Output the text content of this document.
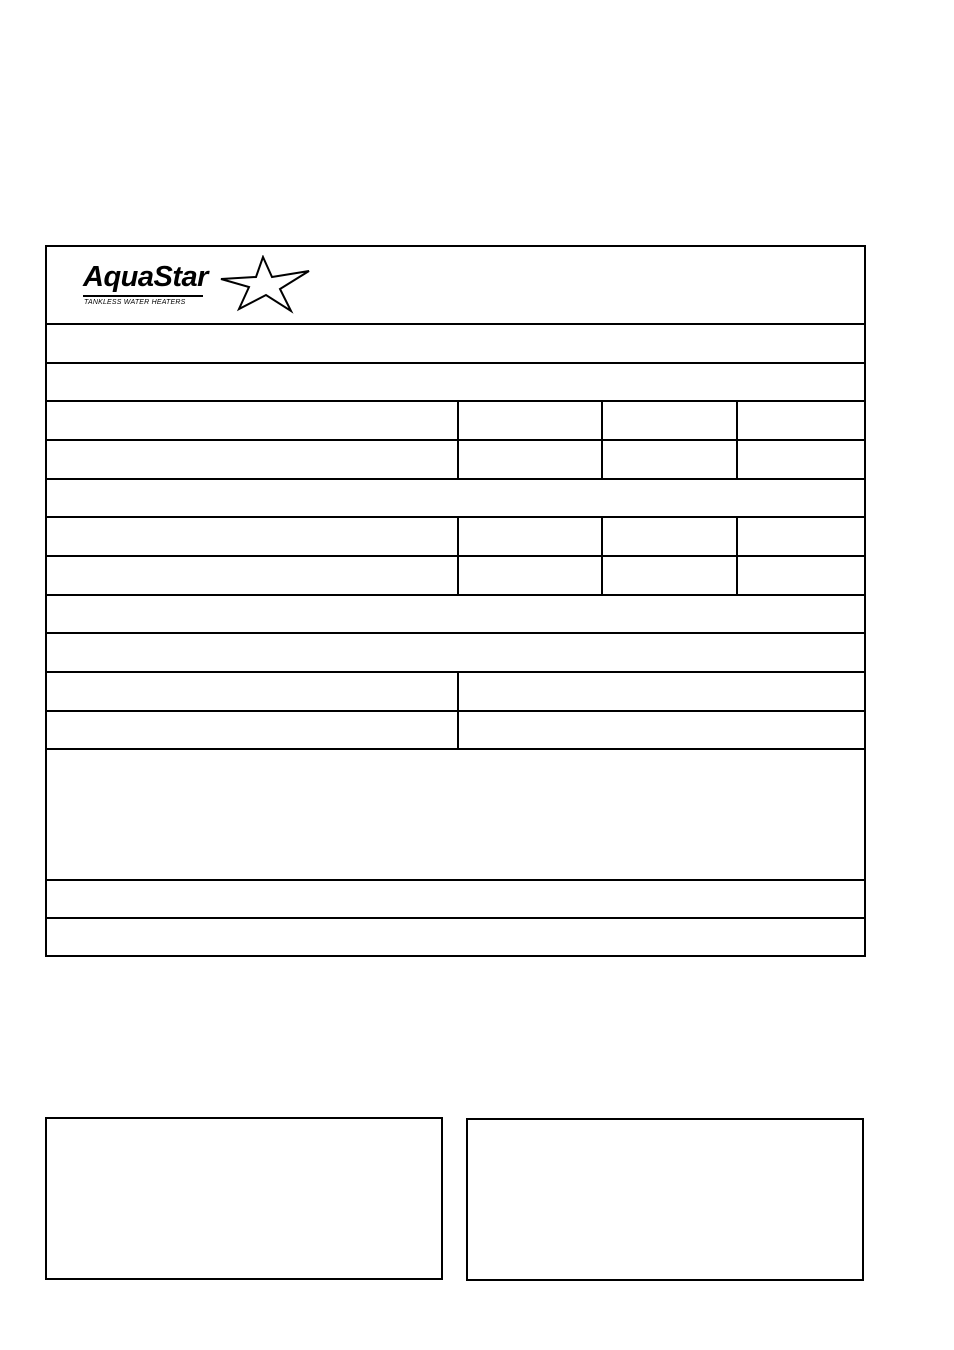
AquaStar
TANKLESS WATER HEATERS
